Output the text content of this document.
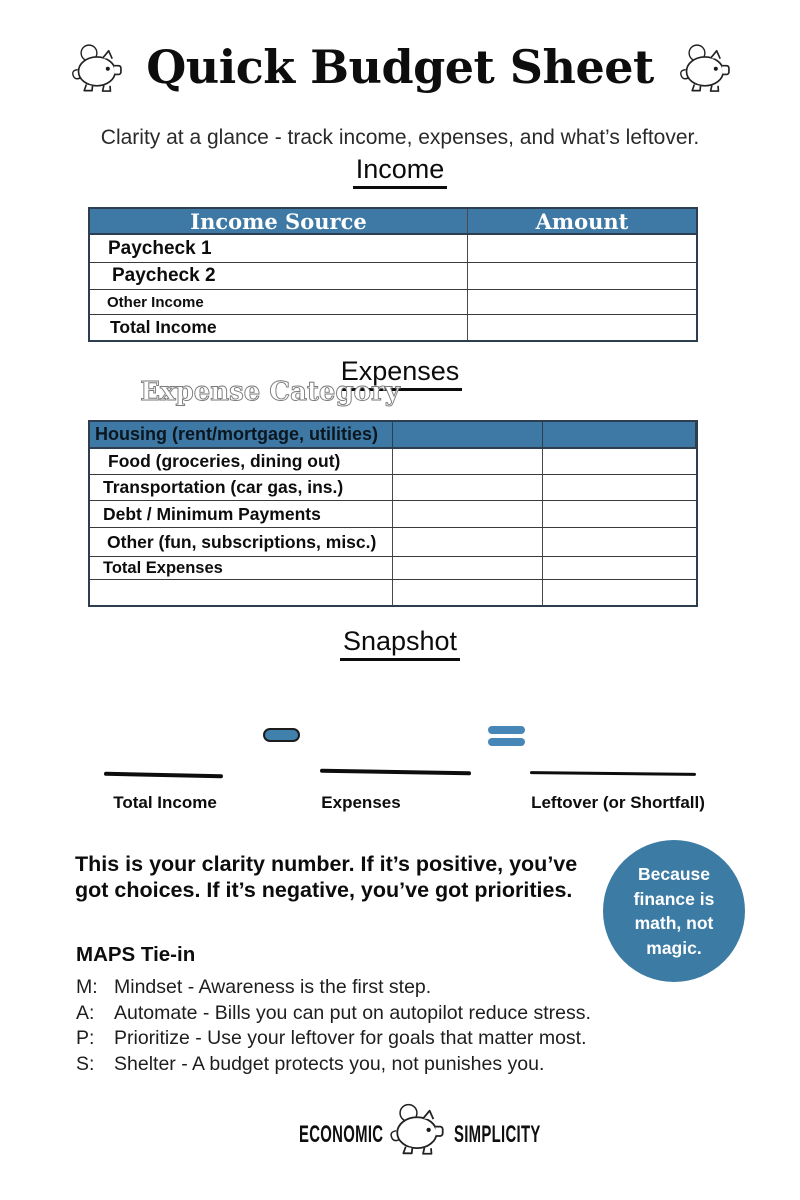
Quick Budget Sheet
Clarity at a glance - track income, expenses, and what’s leftover.
Income
Income Source	Amount
Paycheck 1
Paycheck 2
Other Income
Total Income
Expenses
Expense Category
Housing (rent/mortgage, utilities)
Food (groceries, dining out)
Transportation (car gas, ins.)
Debt / Minimum Payments
Other (fun, subscriptions, misc.)
Total Expenses
Snapshot
Total Income	Expenses	Leftover (or Shortfall)
This is your clarity number. If it’s positive, you’ve
got choices. If it’s negative, you’ve got priorities.
Because
finance is
math, not
magic.
MAPS Tie-in
M: Mindset - Awareness is the first step.
A:	Automate - Bills you can put on autopilot reduce stress.
P:	Prioritize - Use your leftover for goals that matter most.
S:	Shelter - A budget protects you, not punishes you.
ECONOMIC	SIMPLICITY
